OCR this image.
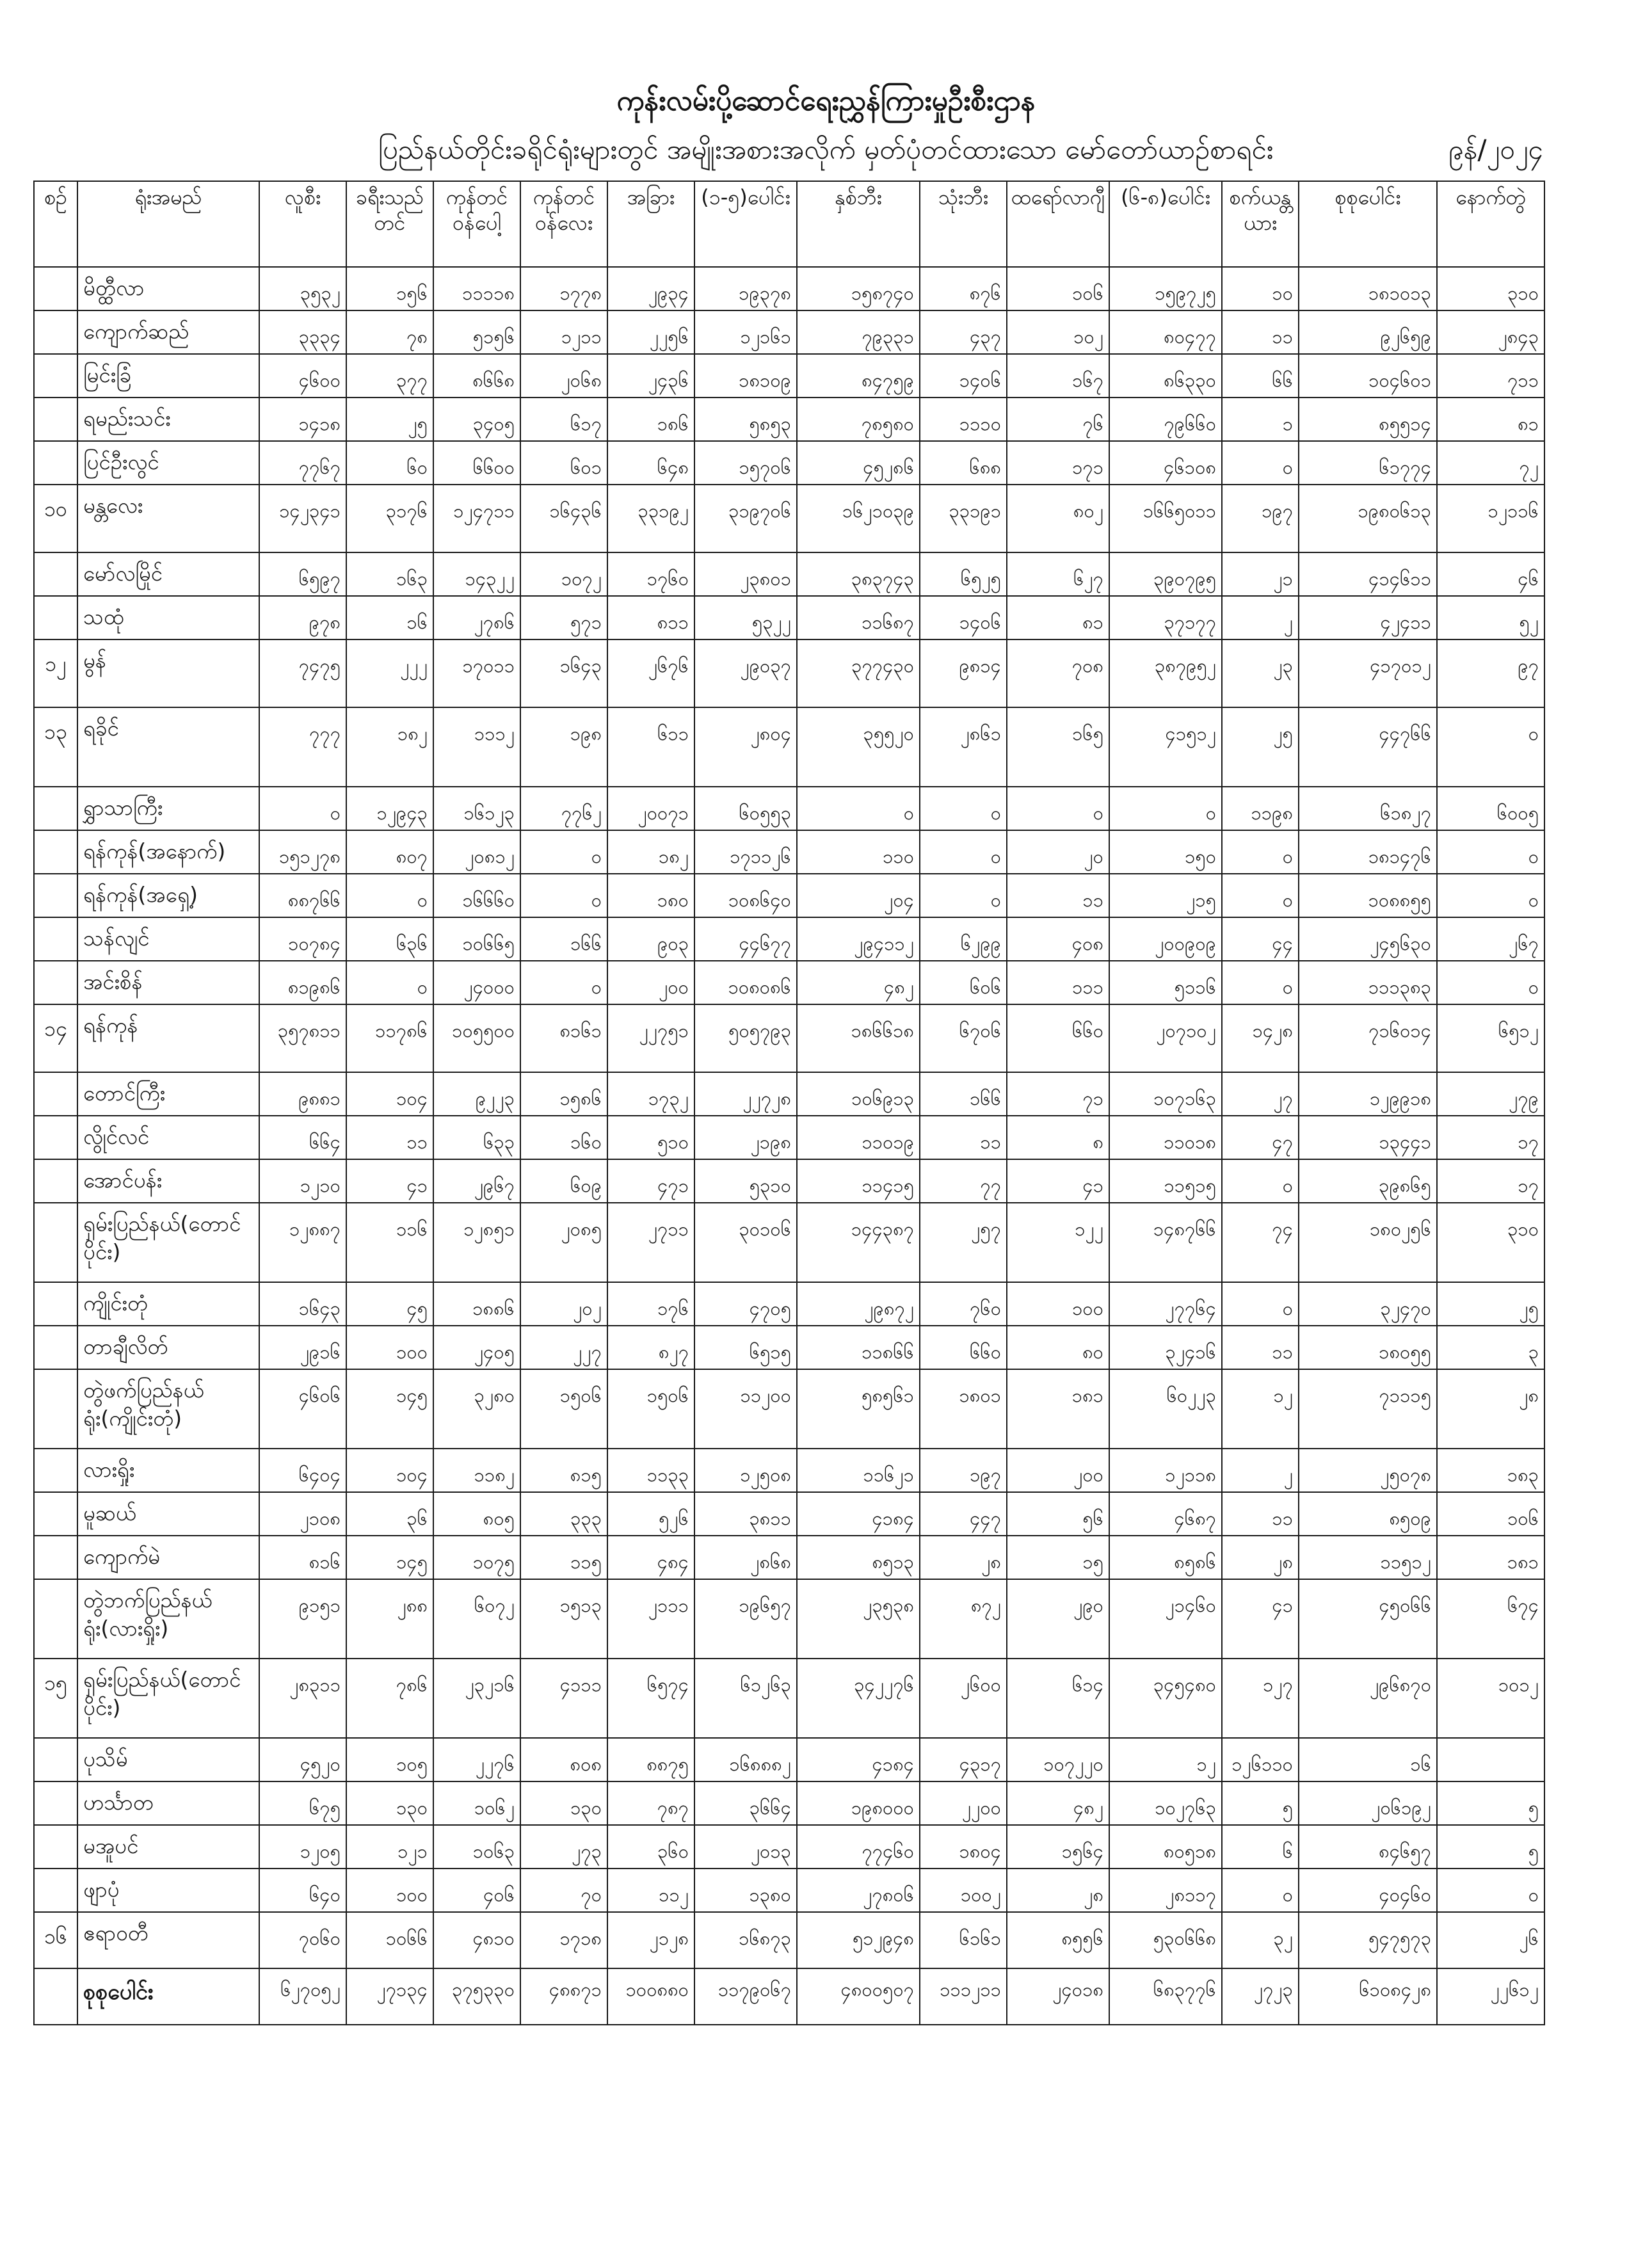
ကုန်းလမ်းပို့ဆောင်ရေးညွှန်ကြားမှုဦးစီးဌာန
ပြည်နယ်တိုင်းခရိုင်ရုံးများတွင် အမျိုးအစားအလိုက် မှတ်ပုံတင်ထားသော မော်တော်ယာဉ်စာရင်း	၉န်/၂၀၂၄
စဉ်	ရုံးအမည်	လူစီး	ခရီးသည်တင်	ကုန်တင်ဝန်ပေါ့	ကုန်တင်ဝန်လေး	အခြား	(၁-၅)ပေါင်း	နှစ်ဘီး	သုံးဘီး	ထရော်လာဂျီ	(၆-၈)ပေါင်း	စက်ယန္တယား	စုစုပေါင်း	နောက်တွဲ
	မိတ္ထီလာ	၃၅၃၂	၁၅၆	၁၁၁၁၈	၁၇၇၈	၂၉၃၄	၁၉၃၇၈	၁၅၈၇၄၀	၈၇၆	၁၀၆	၁၅၉၇၂၅	၁၀	၁၈၁၀၁၃	၃၁၀
	ကျောက်ဆည်	၃၃၃၄	၇၈	၅၁၅၆	၁၂၁၁	၂၂၅၆	၁၂၁၆၁	၇၉၃၃၁	၄၃၇	၁၀၂	၈၀၄၇၇	၁၁	၉၂၆၅၉	၂၈၄၃
	မြင်းခြံ	၄၆၀၀	၃၇၇	၈၆၆၈	၂၀၆၈	၂၄၃၆	၁၈၁၀၉	၈၄၇၅၉	၁၄၀၆	၁၆၇	၈၆၃၃၀	၆၆	၁၀၄၆၀၁	၇၁၁
	ရမည်းသင်း	၁၄၁၈	၂၅	၃၄၀၅	၆၁၇	၁၈၆	၅၈၅၃	၇၈၅၈၀	၁၁၁၀	၇၆	၇၉၆၆၀	၁	၈၅၅၁၄	၈၁
	ပြင်ဦးလွင်	၇၇၆၇	၆၀	၆၆၀၀	၆၀၁	၆၄၈	၁၅၇၀၆	၄၅၂၈၆	၆၈၈	၁၇၁	၄၆၁၀၈	၀	၆၁၇၇၄	၇၂
၁၀	မန္တလေး	၁၄၂၃၄၁	၃၁၇၆	၁၂၄၇၁၁	၁၆၄၃၆	၃၃၁၉၂	၃၁၉၇၀၆	၁၆၂၁၀၃၉	၃၃၁၉၁	၈၀၂	၁၆၆၅၀၁၁	၁၉၇	၁၉၈၀၆၁၃	၁၂၁၁၆
	မော်လမြိုင်	၆၅၉၇	၁၆၃	၁၄၃၂၂	၁၀၇၂	၁၇၆၀	၂၃၈၀၁	၃၈၃၇၄၃	၆၅၂၅	၆၂၇	၃၉၀၇၉၅	၂၁	၄၁၄၆၁၁	၄၆
	သထုံ	၉၇၈	၁၆	၂၇၈၆	၅၇၁	၈၁၁	၅၃၂၂	၁၁၆၈၇	၁၄၀၆	၈၁	၃၇၁၇၇	၂	၄၂၄၁၁	၅၂
၁၂	မွန်	၇၄၇၅	၂၂၂	၁၇၀၁၁	၁၆၄၃	၂၆၇၆	၂၉၀၃၇	၃၇၇၄၃၀	၉၈၁၄	၇၀၈	၃၈၇၉၅၂	၂၃	၄၁၇၀၁၂	၉၇
၁၃	ရခိုင်	၇၇၇	၁၈၂	၁၁၁၂	၁၉၈	၆၁၁	၂၈၀၄	၃၅၅၂၀	၂၈၆၁	၁၆၅	၄၁၅၁၂	၂၅	၄၄၇၆၆	၀
	ရွှာသာကြီး	၀	၁၂၉၄၃	၁၆၁၂၃	၇၇၆၂	၂၀၀၇၁	၆၀၅၅၃	၀	၀	၀	၀	၁၁၉၈	၆၁၈၂၇	၆၀၀၅
	ရန်ကုန်(အနောက်)	၁၅၁၂၇၈	၈၀၇	၂၀၈၁၂	၀	၁၈၂	၁၇၁၁၂၆	၁၁၀	၀	၂၀	၁၅၀	၀	၁၈၁၄၇၆	၀
	ရန်ကုန်(အရှေ့)	၈၈၇၆၆	၀	၁၆၆၆၀	၀	၁၈၀	၁၀၈၆၄၀	၂၀၄	၀	၁၁	၂၁၅	၀	၁၀၈၈၅၅	၀
	သန်လျင်	၁၀၇၈၄	၆၃၆	၁၀၆၆၅	၁၆၆	၉၀၃	၄၄၆၇၇	၂၉၄၁၁၂	၆၂၉၉	၄၀၈	၂၀၀၉၀၉	၄၄	၂၄၅၆၃၀	၂၆၇
	အင်းစိန်	၈၁၉၈၆	၀	၂၄၀၀၀	၀	၂၀၀	၁၀၈၀၈၆	၄၈၂	၆၀၆	၁၁၁	၅၁၁၆	၀	၁၁၁၃၈၃	၀
၁၄	ရန်ကုန်	၃၅၇၈၁၁	၁၁၇၈၆	၁၀၅၅၀၀	၈၁၆၁	၂၂၇၅၁	၅၀၅၇၉၃	၁၈၆၆၁၈	၆၇၀၆	၆၆၀	၂၀၇၁၀၂	၁၄၂၈	၇၁၆၀၁၄	၆၅၁၂
	တောင်ကြီး	၉၈၈၁	၁၀၄	၉၂၂၃	၁၅၈၆	၁၇၃၂	၂၂၇၂၈	၁၀၆၉၁၃	၁၆၆	၇၁	၁၀၇၁၆၃	၂၇	၁၂၉၉၁၈	၂၇၉
	လွိုင်လင်	၆၆၄	၁၁	၆၃၃	၁၆၀	၅၁၀	၂၁၉၈	၁၁၀၁၉	၁၁	၈	၁၁၀၁၈	၄၇	၁၃၄၄၁	၁၇
	အောင်ပန်း	၁၂၁၀	၄၁	၂၉၆၇	၆၀၉	၄၇၁	၅၃၁၀	၁၁၄၁၅	၇၇	၄၁	၁၁၅၁၅	၀	၃၉၈၆၅	၁၇
	ရှမ်းပြည်နယ်(တောင်ပိုင်း)	၁၂၈၈၇	၁၁၆	၁၂၈၅၁	၂၀၈၅	၂၇၁၁	၃၀၁၀၆	၁၄၄၃၈၇	၂၅၇	၁၂၂	၁၄၈၇၆၆	၇၄	၁၈၀၂၅၆	၃၁၀
	ကျိုင်းတုံ	၁၆၄၃	၄၅	၁၈၈၆	၂၀၂	၁၇၆	၄၇၀၅	၂၉၈၇၂	၇၆၀	၁၀၀	၂၇၇၆၄	၀	၃၂၄၇၀	၂၅
	တာချီလိတ်	၂၉၁၆	၁၀၀	၂၄၀၅	၂၂၇	၈၂၇	၆၅၁၅	၁၁၈၆၆	၆၆၀	၈၀	၃၂၄၁၆	၁၁	၁၈၀၅၅	၃
	တွဲဖက်ပြည်နယ်ရုံး(ကျိုင်းတုံ)	၄၆၀၆	၁၄၅	၃၂၈၀	၁၅၀၆	၁၅၀၆	၁၁၂၀၀	၅၈၅၆၁	၁၈၀၁	၁၈၁	၆၀၂၂၃	၁၂	၇၁၁၁၅	၂၈
	လားရှိုး	၆၄၀၄	၁၀၄	၁၁၈၂	၈၁၅	၁၁၃၃	၁၂၅၀၈	၁၁၆၂၁	၁၉၇	၂၀၀	၁၂၁၁၈	၂	၂၅၀၇၈	၁၈၃
	မူဆယ်	၂၁၀၈	၃၆	၈၀၅	၃၃၃	၅၂၆	၃၈၁၁	၄၁၈၄	၄၄၇	၅၆	၄၆၈၇	၁၁	၈၅၀၉	၁၀၆
	ကျောက်မဲ	၈၁၆	၁၄၅	၁၀၇၅	၁၁၅	၄၈၄	၂၈၆၈	၈၅၁၃	၂၈	၁၅	၈၅၈၆	၂၈	၁၁၅၁၂	၁၈၁
	တွဲဘက်ပြည်နယ်ရုံး(လားရှိုး)	၉၁၅၁	၂၈၈	၆၀၇၂	၁၅၁၃	၂၁၁၁	၁၉၆၅၇	၂၃၅၃၈	၈၇၂	၂၉၀	၂၁၄၆၀	၄၁	၄၅၀၆၆	၆၇၄
၁၅	ရှမ်းပြည်နယ်(တောင်ပိုင်း)	၂၈၃၁၁	၇၈၆	၂၃၂၁၆	၄၁၁၁	၆၅၇၄	၆၁၂၆၃	၃၄၂၂၇၆	၂၆၀၀	၆၁၄	၃၄၅၄၈၀	၁၂၇	၂၉၆၈၇၀	၁၀၁၂
	ပုသိမ်	၄၅၂၀	၁၀၅	၂၂၇၆	၈၀၈	၈၈၇၅	၁၆၈၈၈၂	၄၁၈၄	၄၃၁၇	၁၀၇၂၂၀	၁၂	၁၂၆၁၁၀	၁၆	
	ဟင်္သာတ	၆၇၅	၁၃၀	၁၀၆၂	၁၃၀	၇၈၇	၃၆၆၄	၁၉၈၀၀၀	၂၂၀၀	၄၈၂	၁၀၂၇၆၃	၅	၂၀၆၁၉၂	၅
	မအူပင်	၁၂၀၅	၁၂၁	၁၀၆၃	၂၇၃	၃၆၀	၂၀၁၃	၇၇၄၆၀	၁၈၀၄	၁၅၆၄	၈၀၅၁၈	၆	၈၄၆၅၇	၅
	ဖျာပုံ	၆၄၀	၁၀၀	၄၀၆	၇၀	၁၁၂	၁၃၈၀	၂၇၈၀၆	၁၀၀၂	၂၈	၂၈၁၁၇	၀	၄၀၄၆၀	၀
၁၆	ဧရာဝတီ	၇၀၆၀	၁၀၆၆	၄၈၁၀	၁၇၁၈	၂၁၂၈	၁၆၈၇၃	၅၁၂၉၄၈	၆၁၆၁	၈၅၅၆	၅၃၀၆၆၈	၃၂	၅၄၇၅၇၃	၂၆
	စုစုပေါင်း	၆၂၇၀၅၂	၂၇၁၃၄	၃၇၅၃၃၀	၄၈၈၇၁	၁၀၀၈၈၀	၁၁၇၉၀၆၇	၄၈၀၀၅၀၇	၁၁၁၂၁၁	၂၄၀၁၈	၆၈၃၇၇၆	၂၇၂၃	၆၁၀၈၄၂၈	၂၂၆၁၂
